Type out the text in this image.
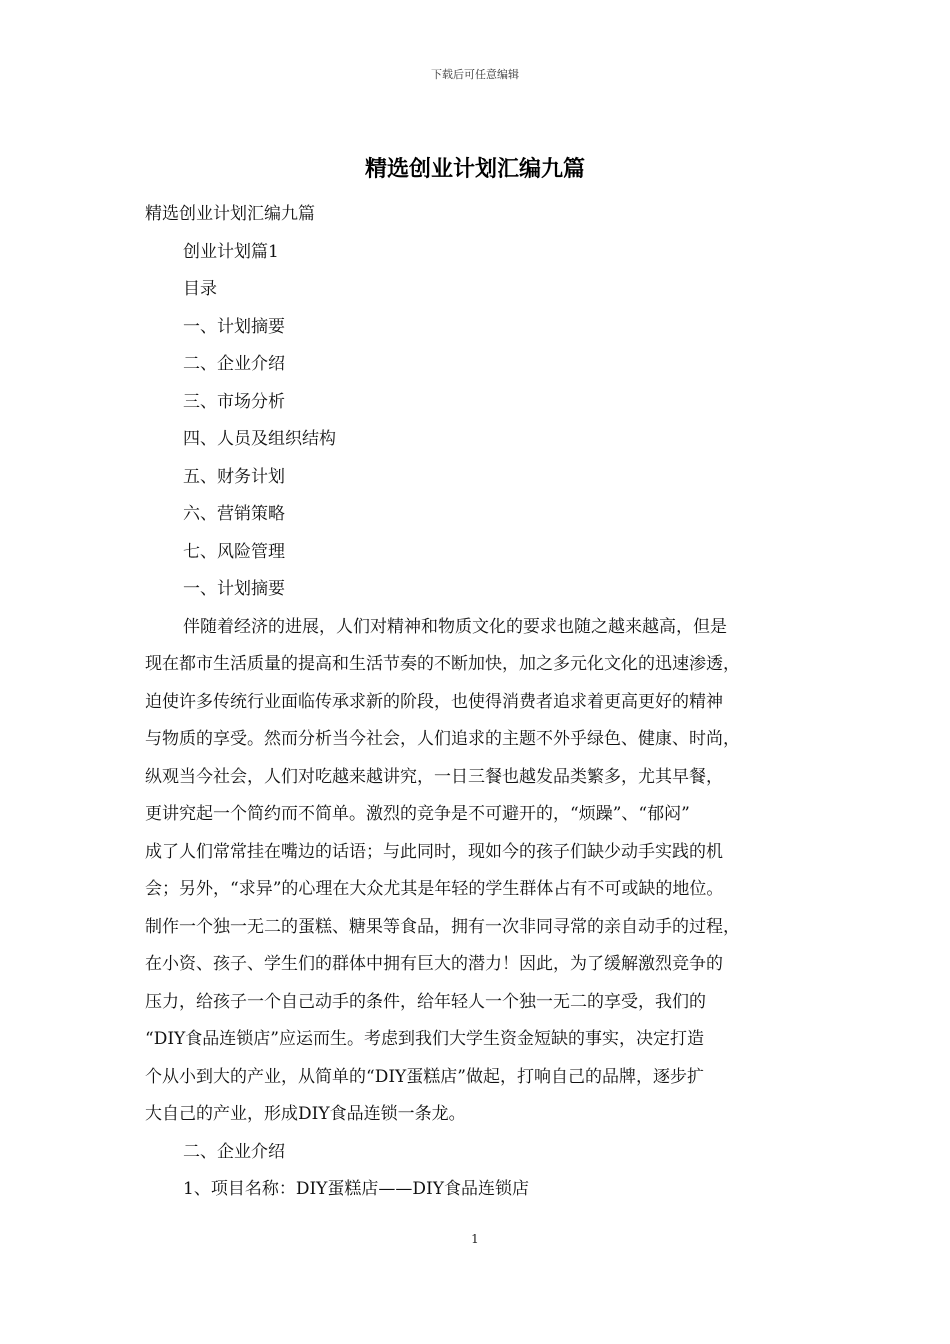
下载后可任意编辑
精选创业计划汇编九篇
精选创业计划汇编九篇
创业计划篇1
目录
一、计划摘要
二、企业介绍
三、市场分析
四、人员及组织结构
五、财务计划
六、营销策略
七、风险管理
一、计划摘要
伴随着经济的进展，人们对精神和物质文化的要求也随之越来越高，但是
现在都市生活质量的提高和生活节奏的不断加快，加之多元化文化的迅速渗透，
迫使许多传统行业面临传承求新的阶段，也使得消费者追求着更高更好的精神
与物质的享受。然而分析当今社会，人们追求的主题不外乎绿色、健康、时尚，
纵观当今社会，人们对吃越来越讲究，一日三餐也越发品类繁多，尤其早餐，
更讲究起一个简约而不简单。激烈的竞争是不可避开的，“烦躁”、“郁闷”
成了人们常常挂在嘴边的话语；与此同时，现如今的孩子们缺少动手实践的机
会；另外，“求异”的心理在大众尤其是年轻的学生群体占有不可或缺的地位。
制作一个独一无二的蛋糕、糖果等食品，拥有一次非同寻常的亲自动手的过程，
在小资、孩子、学生们的群体中拥有巨大的潜力！因此，为了缓解激烈竞争的
压力，给孩子一个自己动手的条件，给年轻人一个独一无二的享受，我们的
“DIY食品连锁店”应运而生。考虑到我们大学生资金短缺的事实，决定打造
个从小到大的产业，从简单的“DIY蛋糕店”做起，打响自己的品牌，逐步扩
大自己的产业，形成DIY食品连锁一条龙。
二、企业介绍
1、项目名称：DIY蛋糕店——DIY食品连锁店
1
